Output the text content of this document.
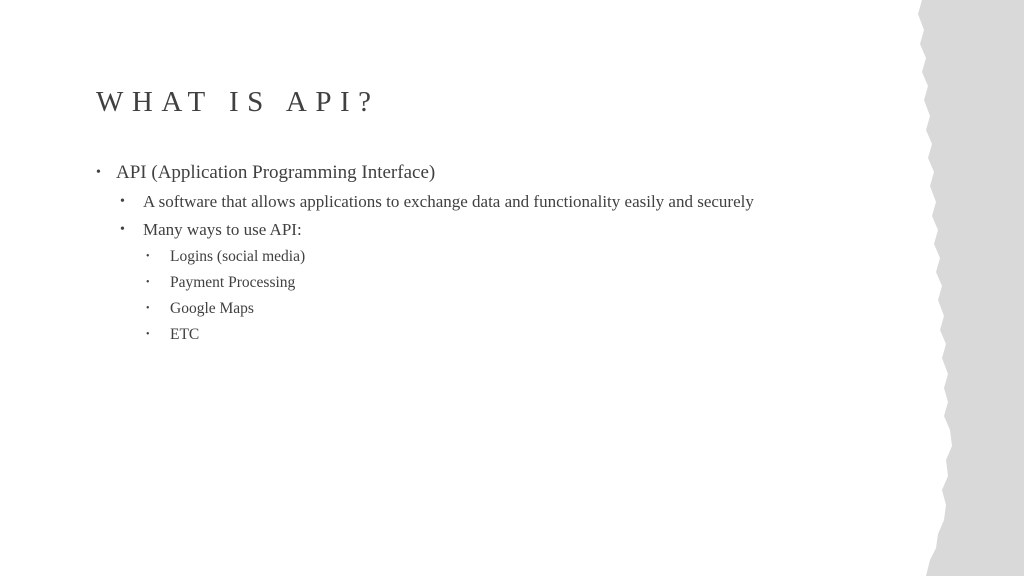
WHAT IS API?
• API (Application Programming Interface)
• A software that allows applications to exchange data and functionality easily and securely
• Many ways to use API:
• Logins (social media)
• Payment Processing
• Google Maps
• ETC
